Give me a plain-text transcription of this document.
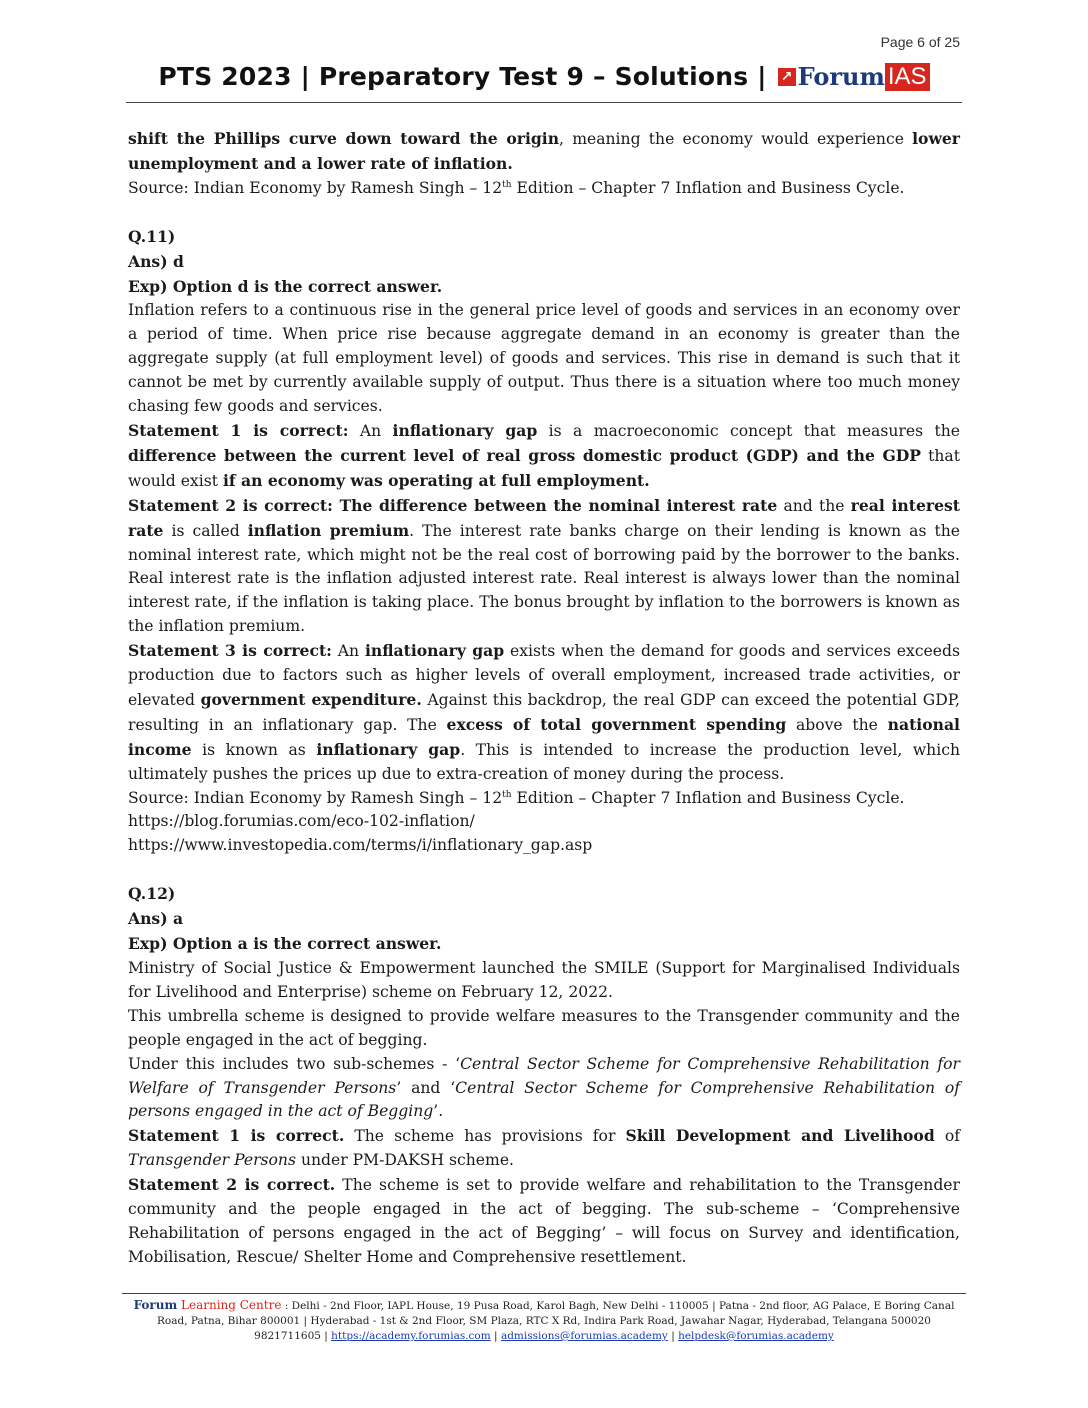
Page 6 of 25
PTS 2023 | Preparatory Test 9 – Solutions | ↗ Forum IAS

shift the Phillips curve down toward the origin, meaning the economy would experience lower unemployment and a lower rate of inflation.

Source: Indian Economy by Ramesh Singh – 12th Edition – Chapter 7 Inflation and Business Cycle.

Q.11)

Ans) d

Exp) Option d is the correct answer.

Inflation refers to a continuous rise in the general price level of goods and services in an economy over a period of time. When price rise because aggregate demand in an economy is greater than the aggregate supply (at full employment level) of goods and services. This rise in demand is such that it cannot be met by currently available supply of output. Thus there is a situation where too much money chasing few goods and services.

Statement 1 is correct: An inflationary gap is a macroeconomic concept that measures the difference between the current level of real gross domestic product (GDP) and the GDP that would exist if an economy was operating at full employment.

Statement 2 is correct: The difference between the nominal interest rate and the real interest rate is called inflation premium. The interest rate banks charge on their lending is known as the nominal interest rate, which might not be the real cost of borrowing paid by the borrower to the banks. Real interest rate is the inflation adjusted interest rate. Real interest is always lower than the nominal interest rate, if the inflation is taking place. The bonus brought by inflation to the borrowers is known as the inflation premium.

Statement 3 is correct: An inflationary gap exists when the demand for goods and services exceeds production due to factors such as higher levels of overall employment, increased trade activities, or elevated government expenditure. Against this backdrop, the real GDP can exceed the potential GDP, resulting in an inflationary gap. The excess of total government spending above the national income is known as inflationary gap. This is intended to increase the production level, which ultimately pushes the prices up due to extra-creation of money during the process.

Source: Indian Economy by Ramesh Singh – 12th Edition – Chapter 7 Inflation and Business Cycle.

https://blog.forumias.com/eco-102-inflation/

https://www.investopedia.com/terms/i/inflationary_gap.asp

Q.12)

Ans) a

Exp) Option a is the correct answer.

Ministry of Social Justice & Empowerment launched the SMILE (Support for Marginalised Individuals for Livelihood and Enterprise) scheme on February 12, 2022.

This umbrella scheme is designed to provide welfare measures to the Transgender community and the people engaged in the act of begging.

Under this includes two sub-schemes - ‘Central Sector Scheme for Comprehensive Rehabilitation for Welfare of Transgender Persons’ and ‘Central Sector Scheme for Comprehensive Rehabilitation of persons engaged in the act of Begging’.

Statement 1 is correct. The scheme has provisions for Skill Development and Livelihood of Transgender Persons under PM-DAKSH scheme.

Statement 2 is correct. The scheme is set to provide welfare and rehabilitation to the Transgender community and the people engaged in the act of begging. The sub-scheme – ‘Comprehensive Rehabilitation of persons engaged in the act of Begging’ – will focus on Survey and identification, Mobilisation, Rescue/ Shelter Home and Comprehensive resettlement.

Forum Learning Centre : Delhi - 2nd Floor, IAPL House, 19 Pusa Road, Karol Bagh, New Delhi - 110005 | Patna - 2nd floor, AG Palace, E Boring Canal
Road, Patna, Bihar 800001 | Hyderabad - 1st & 2nd Floor, SM Plaza, RTC X Rd, Indira Park Road, Jawahar Nagar, Hyderabad, Telangana 500020
9821711605 | https://academy.forumias.com | admissions@forumias.academy | helpdesk@forumias.academy
